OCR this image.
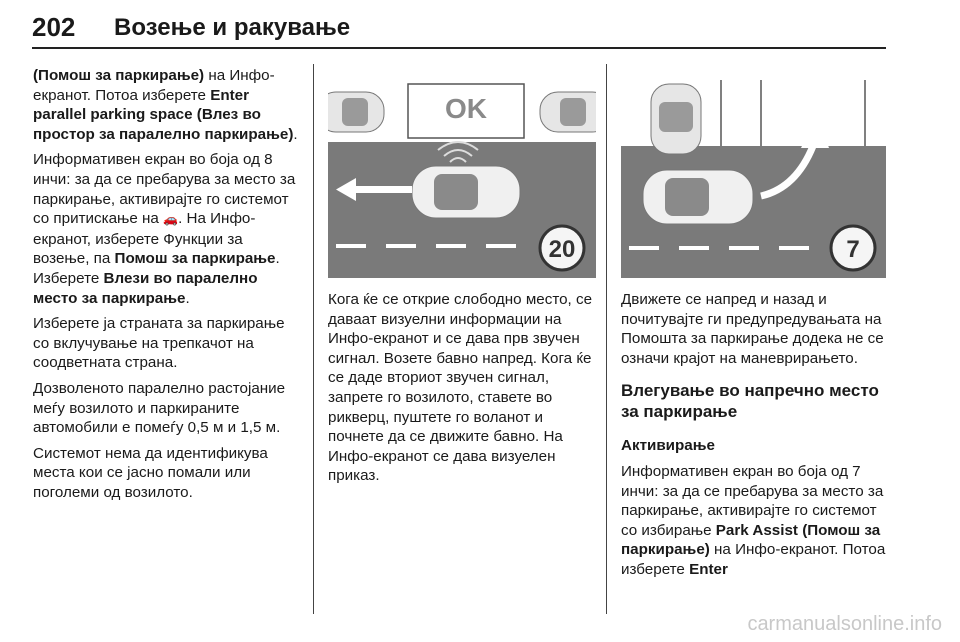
202 Возење и ракување

(Помош за паркирање) на Инфо-екранот. Потоа изберете Enter parallel parking space (Влез во простор за паралелно паркирање).

Информативен екран во боја од 8 инчи: за да се пребарува за место за паркирање, активирајте го системот со притискање на 🚗. На Инфо-екранот, изберете Функции за возење, па Помош за паркирање. Изберете Влези во паралелно место за паркирање.

Изберете ја страната за паркирање со вклучување на трепкачот на соодветната страна.

Дозволеното паралелно растојание меѓу возилото и паркираните автомобили е помеѓу 0,5 м и 1,5 м.

Системот нема да идентификува места кои се јасно помали или поголеми од возилото.

OK
20

Кога ќе се открие слободно место, се даваат визуелни информации на Инфо-екранот и се дава прв звучен сигнал. Возете бавно напред. Кога ќе се даде вториот звучен сигнал, запрете го возилото, ставете во рикверц, пуштете го воланот и почнете да се движите бавно. На Инфо-екранот се дава визуелен приказ.

7

Движете се напред и назад и почитувајте ги предупредувањата на Помошта за паркирање додека не се означи крајот на маневрирањето.

Влегување во напречно место за паркирање

Активирање

Информативен екран во боја од 7 инчи: за да се пребарува за место за паркирање, активирајте го системот со избирање Park Assist (Помош за паркирање) на Инфо-екранот. Потоа изберете Enter

carmanualsonline.info
